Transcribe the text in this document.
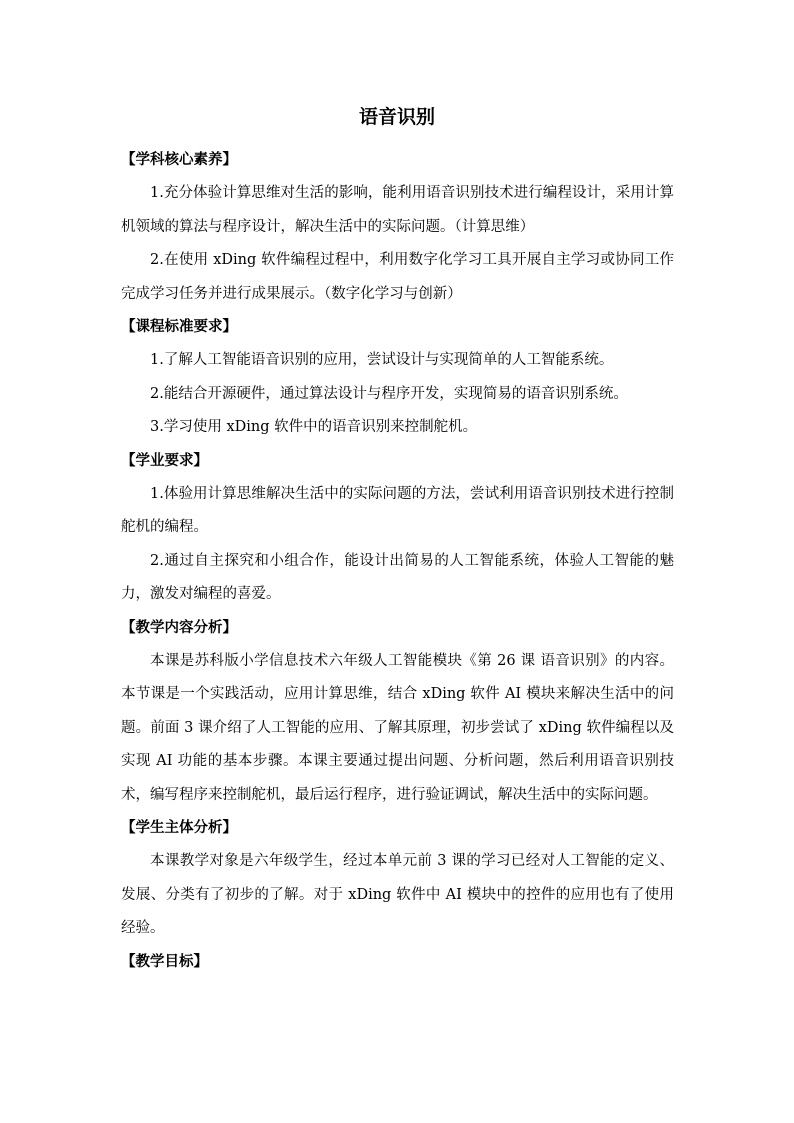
语音识别
【学科核心素养】

1.充分体验计算思维对生活的影响，能利用语音识别技术进行编程设计，采用计算机领域的算法与程序设计，解决生活中的实际问题。（计算思维）

2.在使用 xDing 软件编程过程中，利用数字化学习工具开展自主学习或协同工作完成学习任务并进行成果展示。（数字化学习与创新）

【课程标准要求】

1.了解人工智能语音识别的应用，尝试设计与实现简单的人工智能系统。

2.能结合开源硬件，通过算法设计与程序开发，实现简易的语音识别系统。

3.学习使用 xDing 软件中的语音识别来控制舵机。

【学业要求】

1.体验用计算思维解决生活中的实际问题的方法，尝试利用语音识别技术进行控制舵机的编程。

2.通过自主探究和小组合作，能设计出简易的人工智能系统，体验人工智能的魅力，激发对编程的喜爱。

【教学内容分析】

本课是苏科版小学信息技术六年级人工智能模块《第 26 课 语音识别》的内容。本节课是一个实践活动，应用计算思维，结合 xDing 软件 AI 模块来解决生活中的问题。前面 3 课介绍了人工智能的应用、了解其原理，初步尝试了 xDing 软件编程以及实现 AI 功能的基本步骤。本课主要通过提出问题、分析问题，然后利用语音识别技术，编写程序来控制舵机，最后运行程序，进行验证调试，解决生活中的实际问题。

【学生主体分析】

本课教学对象是六年级学生，经过本单元前 3 课的学习已经对人工智能的定义、发展、分类有了初步的了解。对于 xDing 软件中 AI 模块中的控件的应用也有了使用经验。

【教学目标】
